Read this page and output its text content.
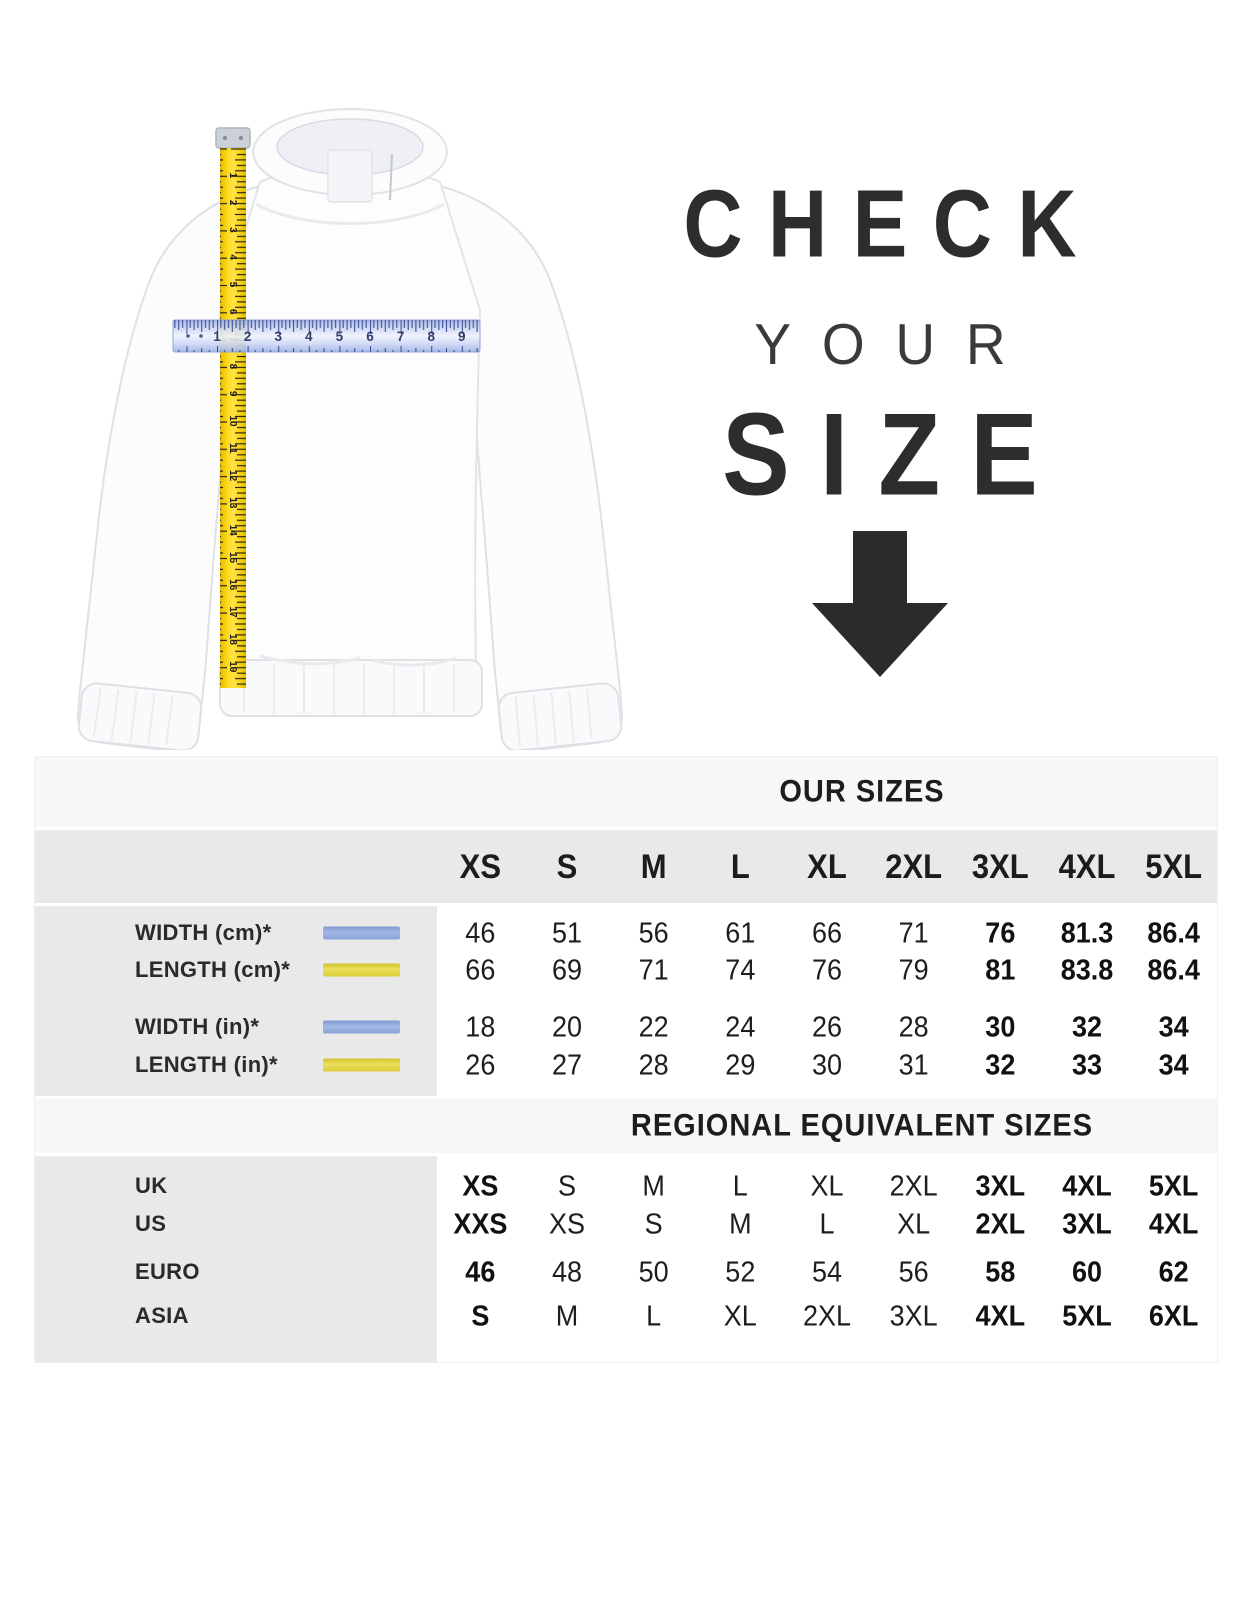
1
2
3
4
5
6
8
9
10
11
12
13
14
15
16
17
18
19
1 2 3 4 5 6 7 8 9
CHECK
YOUR
SIZE
OUR SIZES
XS	S	M	L	XL	2XL 3XL 4XL 5XL
WIDTH (cm)*	46	51	56	61	66	71	76	81.3	86.4
LENGTH (cm)*	66	69	71	74	76	79	81	83.8	86.4
WIDTH (in)*	18	20	22	24	26	28	30	32	34
LENGTH (in)*	26	27	28	29	30	31	32	33	34
REGIONAL EQUIVALENT SIZES
UK	XS	S	M	L	XL	2XL	3XL	4XL	5XL
US	XXS	XS	S	M	L	XL	2XL	3XL	4XL
EURO	46	48	50	52	54	56	58	60	62
ASIA	S	M	L	XL	2XL	3XL	4XL	5XL	6XL
